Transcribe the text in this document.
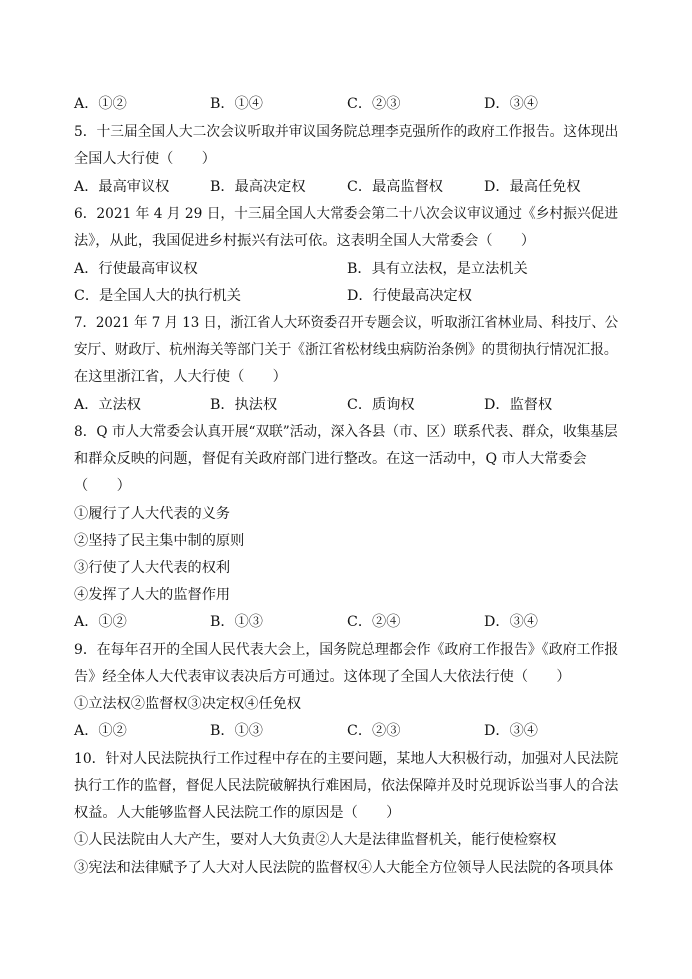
A．①②	B．①④	C．②③	D．③④
5．十三届全国人大二次会议听取并审议国务院总理李克强所作的政府工作报告。这体现出
全国人大行使（　　）
A．最高审议权	B．最高决定权	C．最高监督权	D．最高任免权
6．2021 年 4 月 29 日，十三届全国人大常委会第二十八次会议审议通过《乡村振兴促进
法》，从此，我国促进乡村振兴有法可依。这表明全国人大常委会（　　）
A．行使最高审议权	B．具有立法权，是立法机关
C．是全国人大的执行机关	D．行使最高决定权
7．2021 年 7 月 13 日，浙江省人大环资委召开专题会议，听取浙江省林业局、科技厅、公
安厅、财政厅、杭州海关等部门关于《浙江省松材线虫病防治条例》的贯彻执行情况汇报。
在这里浙江省，人大行使（　　）
A．立法权	B．执法权	C．质询权	D．监督权
8．Q 市人大常委会认真开展“双联”活动，深入各县（市、区）联系代表、群众，收集基层
和群众反映的问题，督促有关政府部门进行整改。在这一活动中，Q 市人大常委会
（　　）
①履行了人大代表的义务
②坚持了民主集中制的原则
③行使了人大代表的权利
④发挥了人大的监督作用
A．①②	B．①③	C．②④	D．③④
9．在每年召开的全国人民代表大会上，国务院总理都会作《政府工作报告》《政府工作报
告》经全体人大代表审议表决后方可通过。这体现了全国人大依法行使（　　）
①立法权②监督权③决定权④任免权
A．①②	B．①③	C．②③	D．③④
10．针对人民法院执行工作过程中存在的主要问题，某地人大积极行动，加强对人民法院
执行工作的监督，督促人民法院破解执行难困局，依法保障并及时兑现诉讼当事人的合法
权益。人大能够监督人民法院工作的原因是（　　）
①人民法院由人大产生，要对人大负责②人大是法律监督机关，能行使检察权
③宪法和法律赋予了人大对人民法院的监督权④人大能全方位领导人民法院的各项具体
